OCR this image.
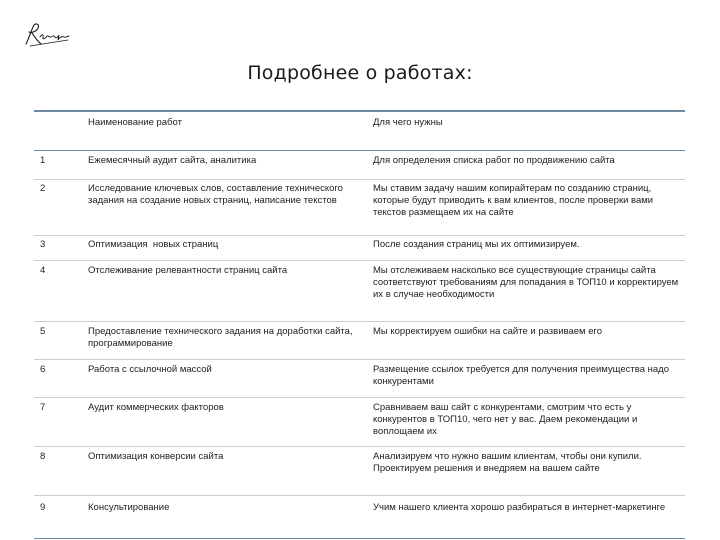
Подробнее о работах:
	Наименование работ	Для чего нужны
1	Ежемесячный аудит сайта, аналитика	Для определения списка работ по продвижению сайта
2	Исследование ключевых слов, составление технического задания на создание новых страниц, написание текстов	Мы ставим задачу нашим копирайтерам по созданию страниц, которые будут приводить к вам клиентов, после проверки вами текстов размещаем их на сайте
3	Оптимизация  новых страниц	После создания страниц мы их оптимизируем.
4	Отслеживание релевантности страниц сайта	Мы отслеживаем насколько все существующие страницы сайта соответствуют требованиям для попадания в ТОП10 и корректируем их в случае необходимости
5	Предоставление технического задания на доработки сайта, программирование	Мы корректируем ошибки на сайте и развиваем его
6	Работа с ссылочной массой	Размещение ссылок требуется для получения преимущества надо конкурентами
7	Аудит коммерческих факторов	Сравниваем ваш сайт с конкурентами, смотрим что есть у конкурентов в ТОП10, чего нет у вас. Даем рекомендации и воплощаем их
8	Оптимизация конверсии сайта	Анализируем что нужно вашим клиентам, чтобы они купили. Проектируем решения и внедряем на вашем сайте
9	Консультирование	Учим нашего клиента хорошо разбираться в интернет-маркетинге
